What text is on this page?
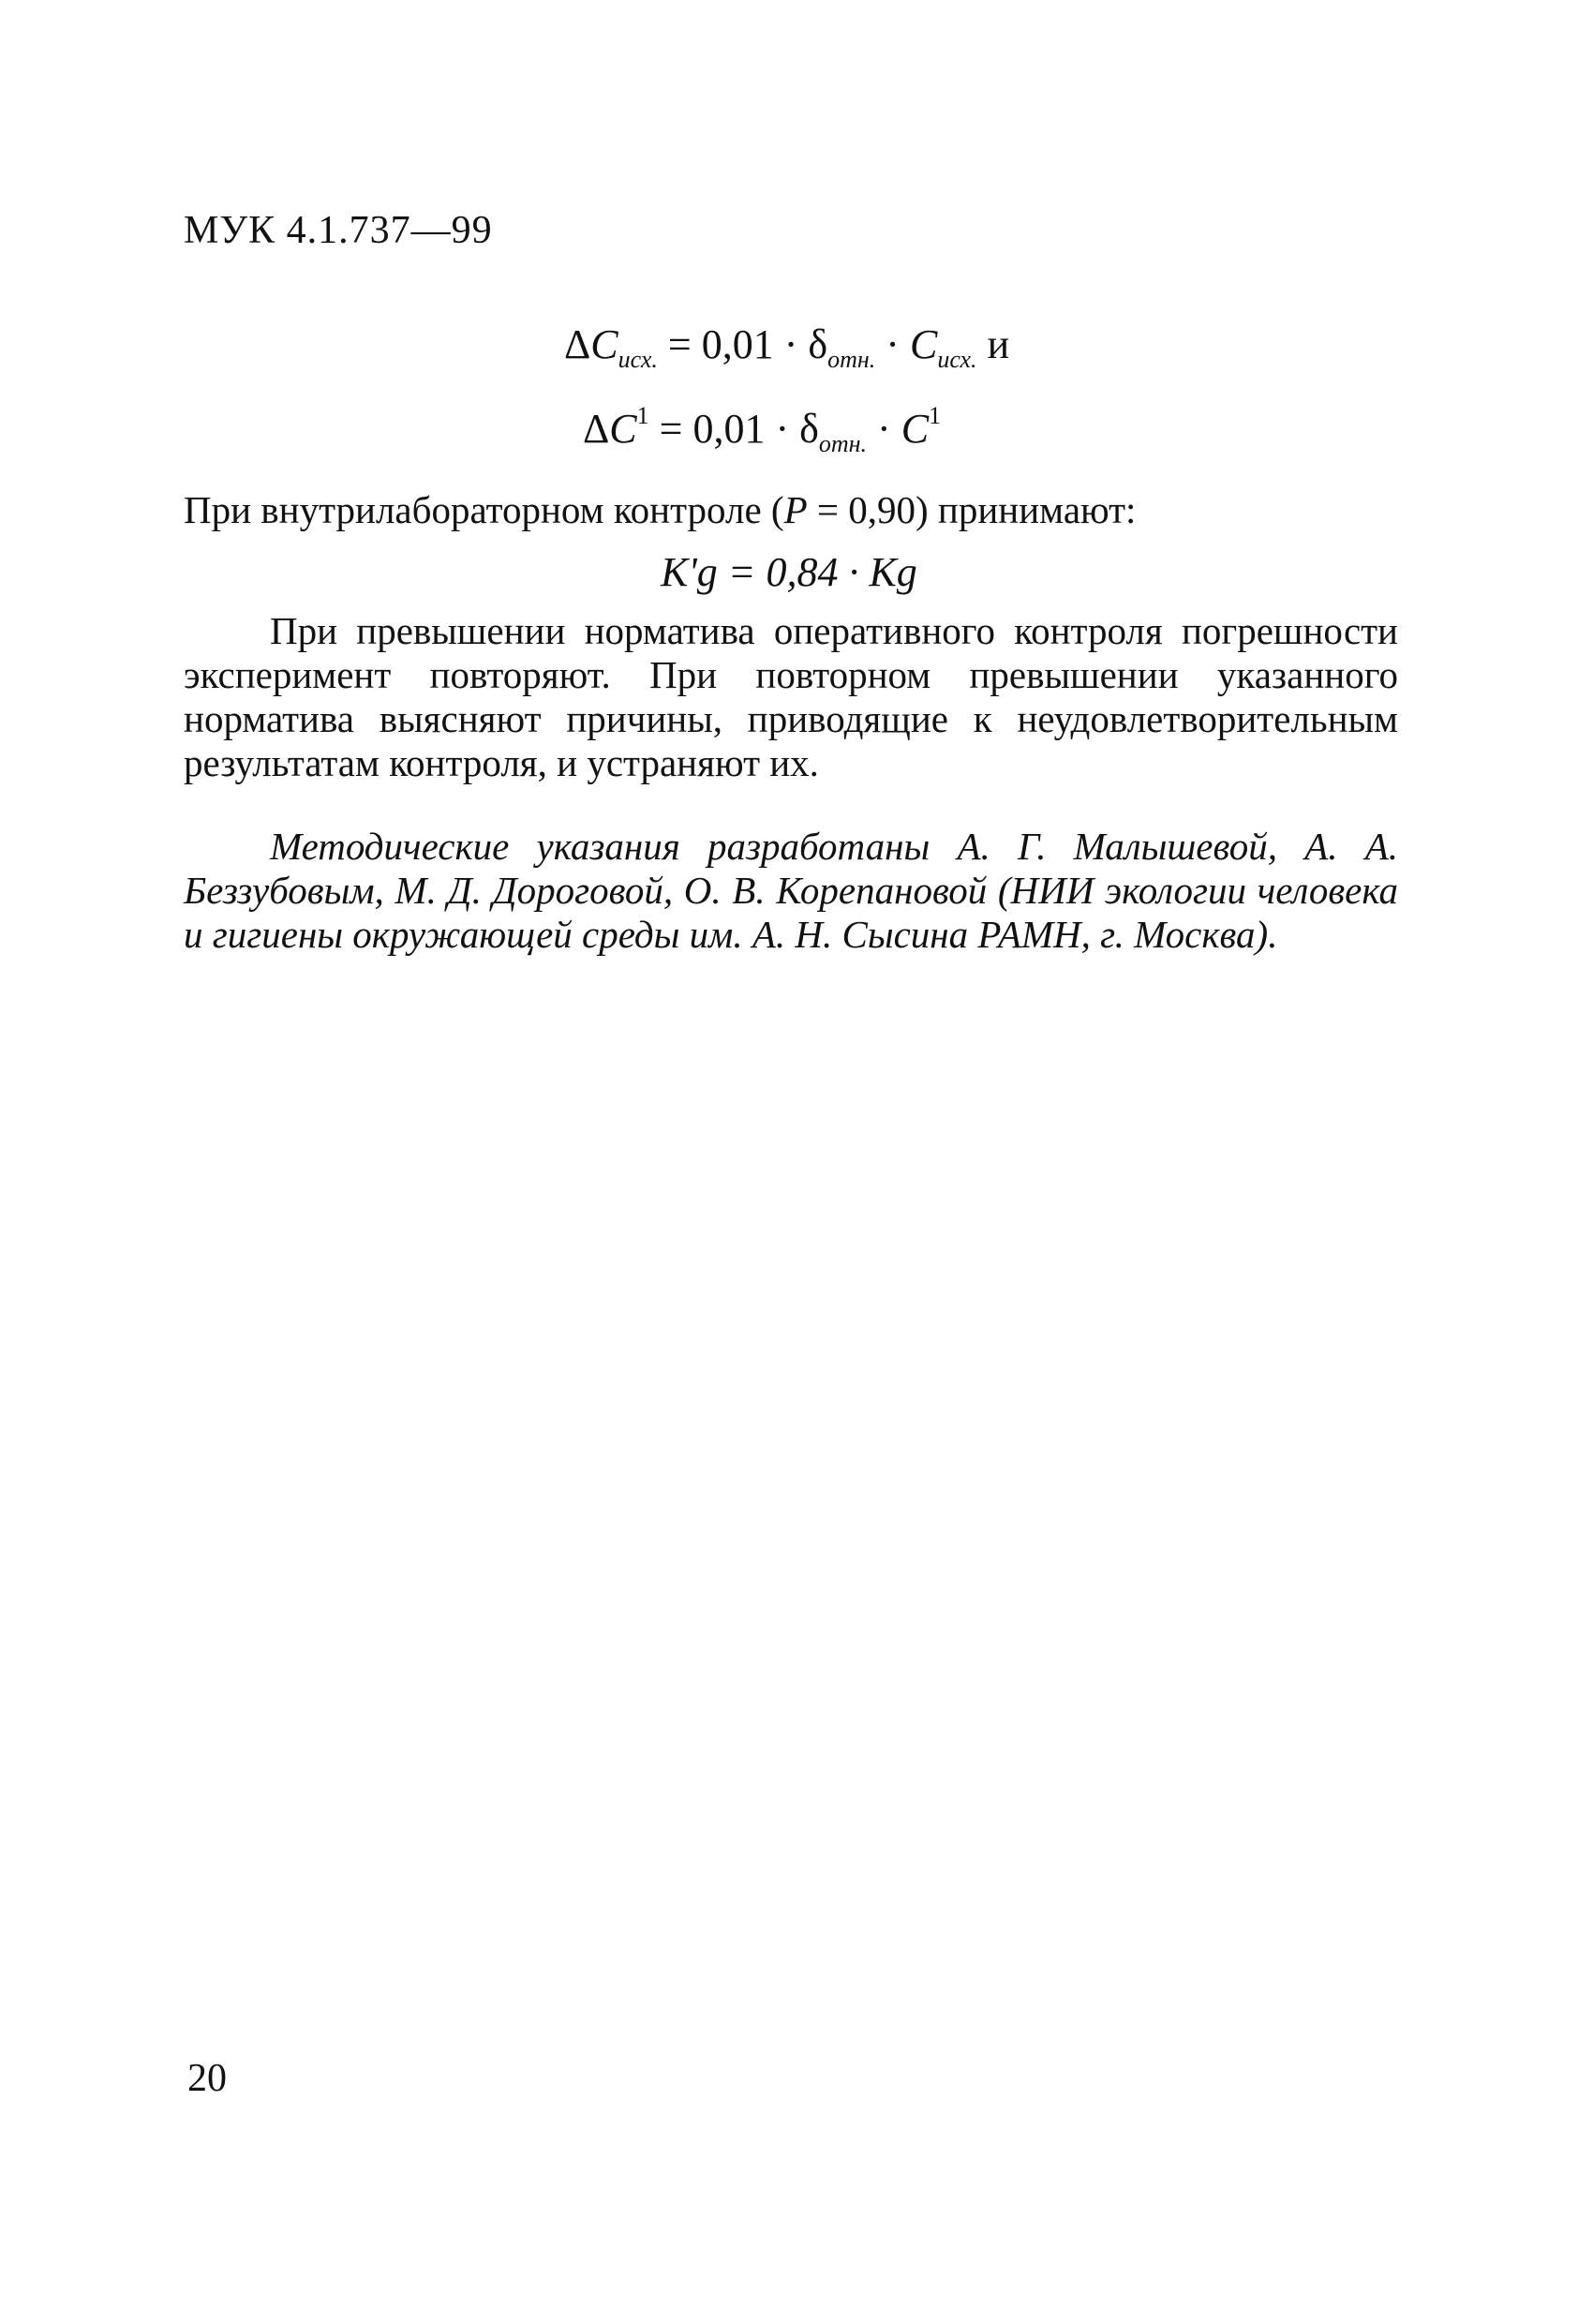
МУК 4.1.737—99
$\Delta C_{исх.} = 0,01 \cdot \delta_{отн.} \cdot C_{исх.}$ и
$\Delta C^1 = 0,01 \cdot \delta_{отн.} \cdot C^1$
При внутрилабораторном контроле (P = 0,90) принимают:
K'g = 0,84 · Kg
При превышении норматива оперативного контроля погрешности эксперимент повторяют. При повторном превышении указанного норматива выясняют причины, приводящие к неудовлетворительным результатам контроля, и устраняют их.
Методические указания разработаны А. Г. Малышевой, А. А. Беззубовым, М. Д. Дороговой, О. В. Корепановой (НИИ экологии человека и гигиены окружающей среды им. А. Н. Сысина РАМН, г. Москва).
20
